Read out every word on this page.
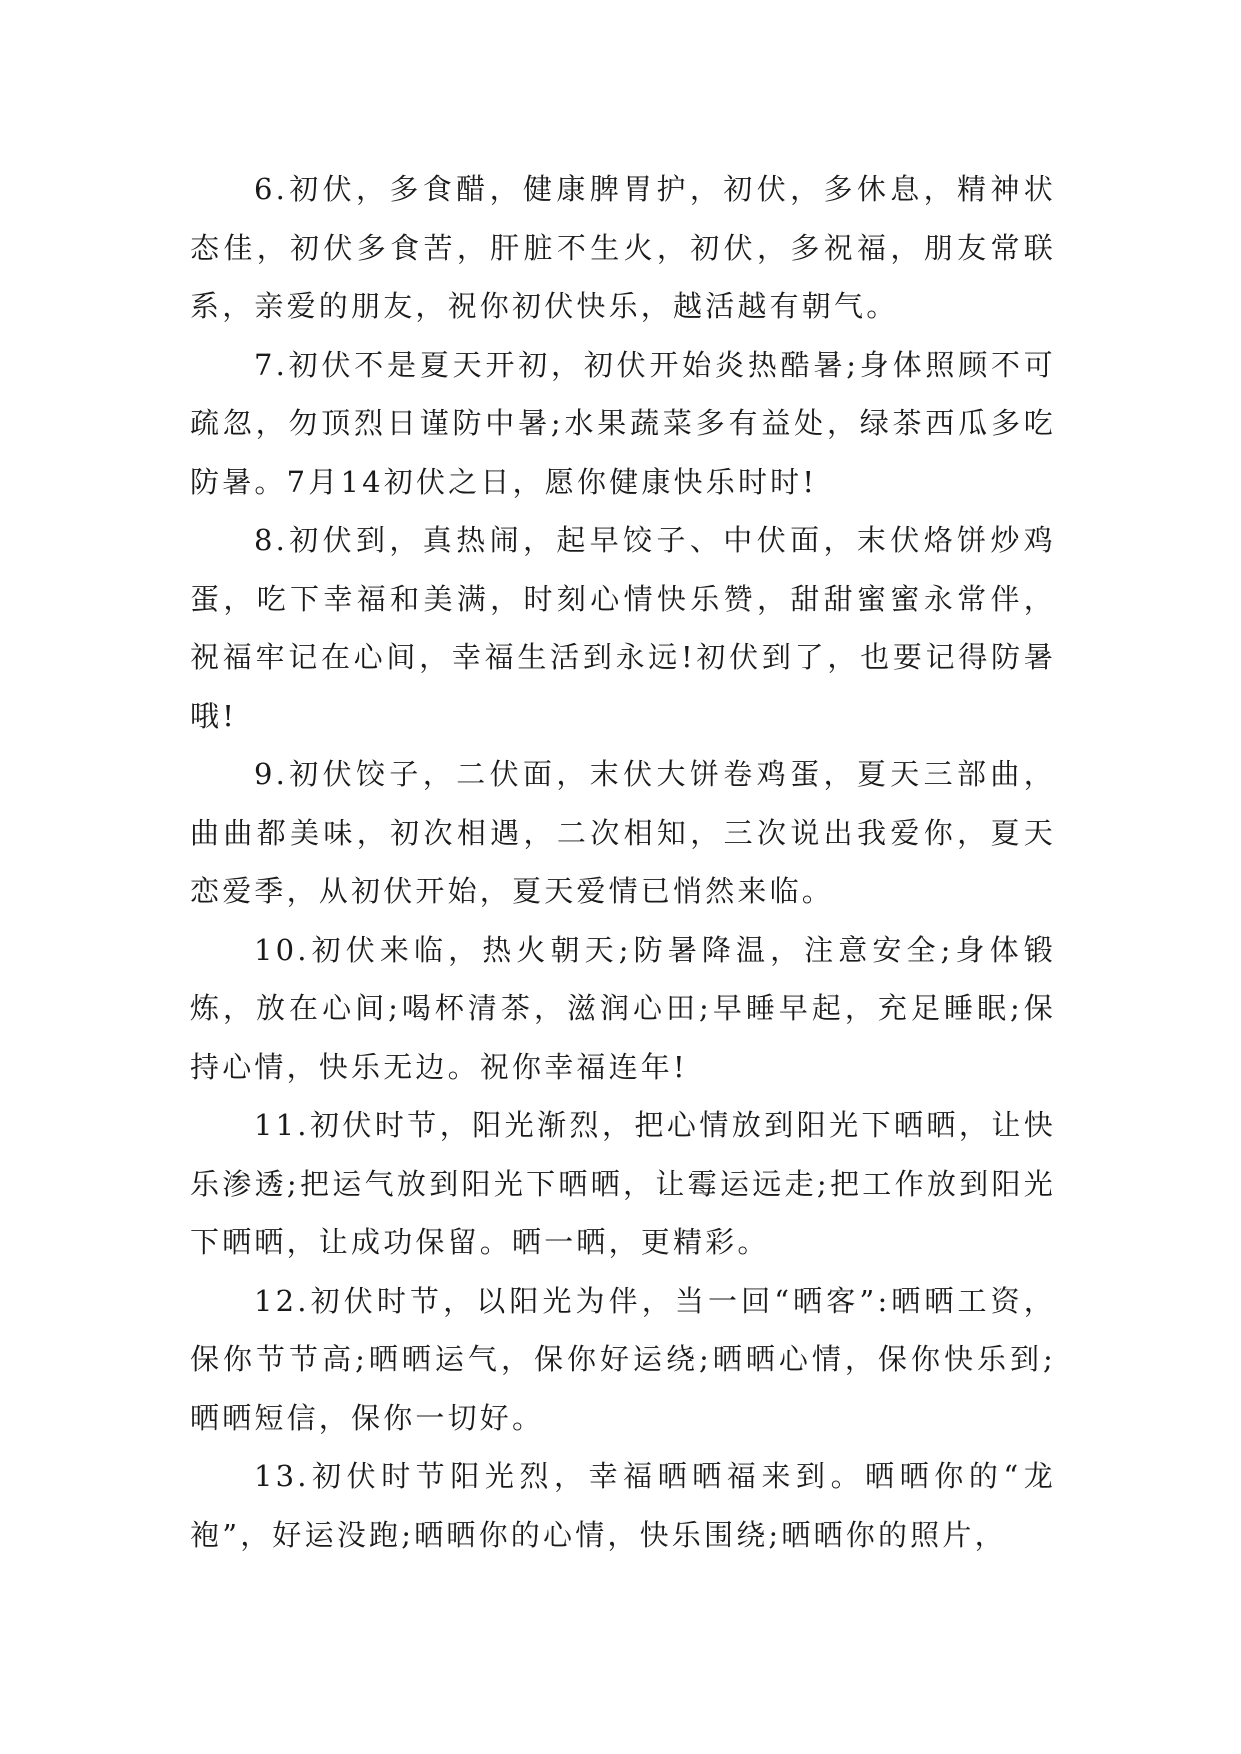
6.初伏，多食醋，健康脾胃护，初伏，多休息，精神状态佳，初伏多食苦，肝脏不生火，初伏，多祝福，朋友常联系，亲爱的朋友，祝你初伏快乐，越活越有朝气。

7.初伏不是夏天开初，初伏开始炎热酷暑;身体照顾不可疏忽，勿顶烈日谨防中暑;水果蔬菜多有益处，绿茶西瓜多吃防暑。7月14初伏之日，愿你健康快乐时时!

8.初伏到，真热闹，起早饺子、中伏面，末伏烙饼炒鸡蛋，吃下幸福和美满，时刻心情快乐赞，甜甜蜜蜜永常伴，祝福牢记在心间，幸福生活到永远!初伏到了，也要记得防暑哦!

9.初伏饺子，二伏面，末伏大饼卷鸡蛋，夏天三部曲，曲曲都美味，初次相遇，二次相知，三次说出我爱你，夏天恋爱季，从初伏开始，夏天爱情已悄然来临。

10.初伏来临，热火朝天;防暑降温，注意安全;身体锻炼，放在心间;喝杯清茶，滋润心田;早睡早起，充足睡眠;保持心情，快乐无边。祝你幸福连年!

11.初伏时节，阳光渐烈，把心情放到阳光下晒晒，让快乐渗透;把运气放到阳光下晒晒，让霉运远走;把工作放到阳光下晒晒，让成功保留。晒一晒，更精彩。

12.初伏时节，以阳光为伴，当一回“晒客”:晒晒工资，保你节节高;晒晒运气，保你好运绕;晒晒心情，保你快乐到;晒晒短信，保你一切好。

13.初伏时节阳光烈，幸福晒晒福来到。晒晒你的“龙袍”，好运没跑;晒晒你的心情，快乐围绕;晒晒你的照片，
